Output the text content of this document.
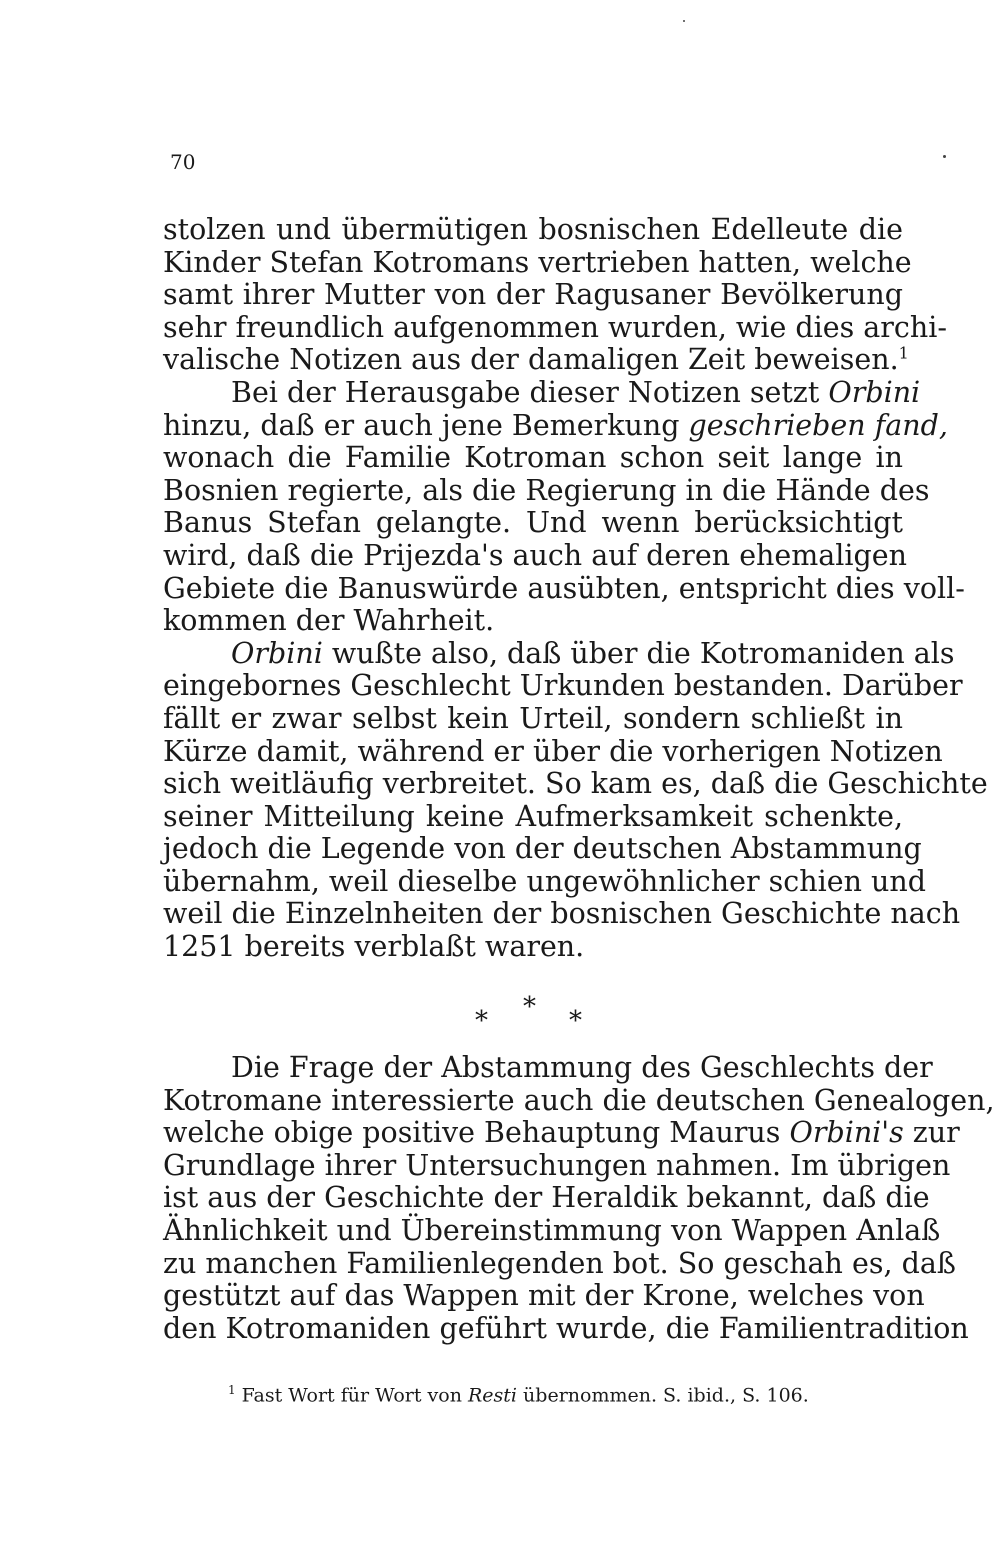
70
stolzen und übermütigen bosnischen Edelleute die
Kinder Stefan Kotromans vertrieben hatten, welche
samt ihrer Mutter von der Ragusaner Bevölkerung
sehr freundlich aufgenommen wurden, wie dies archi-
valische Notizen aus der damaligen Zeit beweisen.$^1$
Bei der Herausgabe dieser Notizen setzt Orbini
hinzu, daß er auch jene Bemerkung geschrieben fand,
wonach die Familie Kotroman schon seit lange in
Bosnien regierte, als die Regierung in die Hände des
Banus Stefan gelangte. Und wenn berücksichtigt
wird, daß die Prijezda's auch auf deren ehemaligen
Gebiete die Banuswürde ausübten, entspricht dies voll-
kommen der Wahrheit.
Orbini wußte also, daß über die Kotromaniden als
eingebornes Geschlecht Urkunden bestanden. Darüber
fällt er zwar selbst kein Urteil, sondern schließt in
Kürze damit, während er über die vorherigen Notizen
sich weitläufig verbreitet. So kam es, daß die Geschichte
seiner Mitteilung keine Aufmerksamkeit schenkte,
jedoch die Legende von der deutschen Abstammung
übernahm, weil dieselbe ungewöhnlicher schien und
weil die Einzelnheiten der bosnischen Geschichte nach
1251 bereits verblaßt waren.
* * *
Die Frage der Abstammung des Geschlechts der
Kotromane interessierte auch die deutschen Genealogen,
welche obige positive Behauptung Maurus Orbini's zur
Grundlage ihrer Untersuchungen nahmen. Im übrigen
ist aus der Geschichte der Heraldik bekannt, daß die
Ähnlichkeit und Übereinstimmung von Wappen Anlaß
zu manchen Familienlegenden bot. So geschah es, daß
gestützt auf das Wappen mit der Krone, welches von
den Kotromaniden geführt wurde, die Familientradition
$^1$ Fast Wort für Wort von Resti übernommen. S. ibid., S. 106.
